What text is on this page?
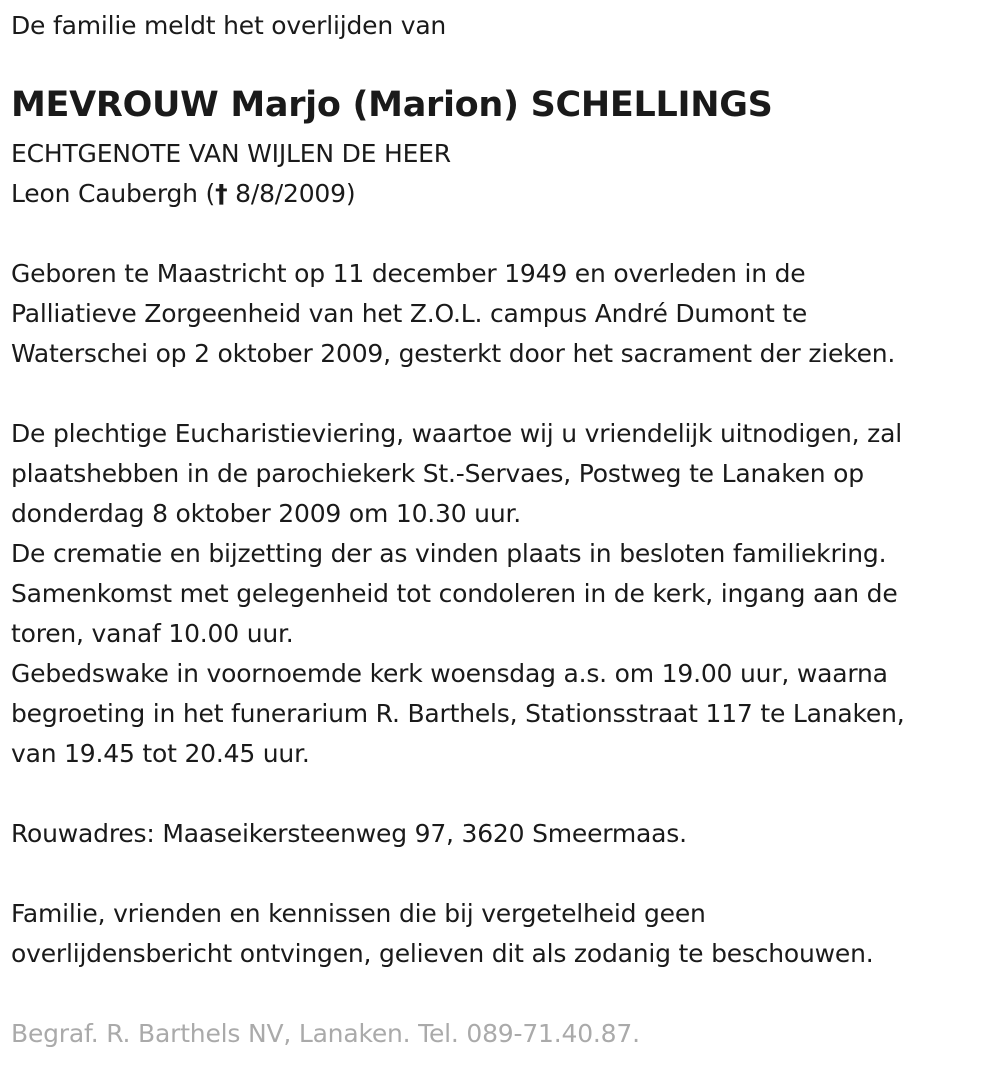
De familie meldt het overlijden van
MEVROUW Marjo (Marion) SCHELLINGS
ECHTGENOTE VAN WIJLEN DE HEER
Leon Caubergh († 8/8/2009)
Geboren te Maastricht op 11 december 1949 en overleden in de
Palliatieve Zorgeenheid van het Z.O.L. campus André Dumont te
Waterschei op 2 oktober 2009, gesterkt door het sacrament der zieken.
De plechtige Eucharistieviering, waartoe wij u vriendelijk uitnodigen, zal
plaatshebben in de parochiekerk St.-Servaes, Postweg te Lanaken op
donderdag 8 oktober 2009 om 10.30 uur.
De crematie en bijzetting der as vinden plaats in besloten familiekring.
Samenkomst met gelegenheid tot condoleren in de kerk, ingang aan de
toren, vanaf 10.00 uur.
Gebedswake in voornoemde kerk woensdag a.s. om 19.00 uur, waarna
begroeting in het funerarium R. Barthels, Stationsstraat 117 te Lanaken,
van 19.45 tot 20.45 uur.
Rouwadres: Maaseikersteenweg 97, 3620 Smeermaas.
Familie, vrienden en kennissen die bij vergetelheid geen
overlijdensbericht ontvingen, gelieven dit als zodanig te beschouwen.
Begraf. R. Barthels NV, Lanaken. Tel. 089-71.40.87.
